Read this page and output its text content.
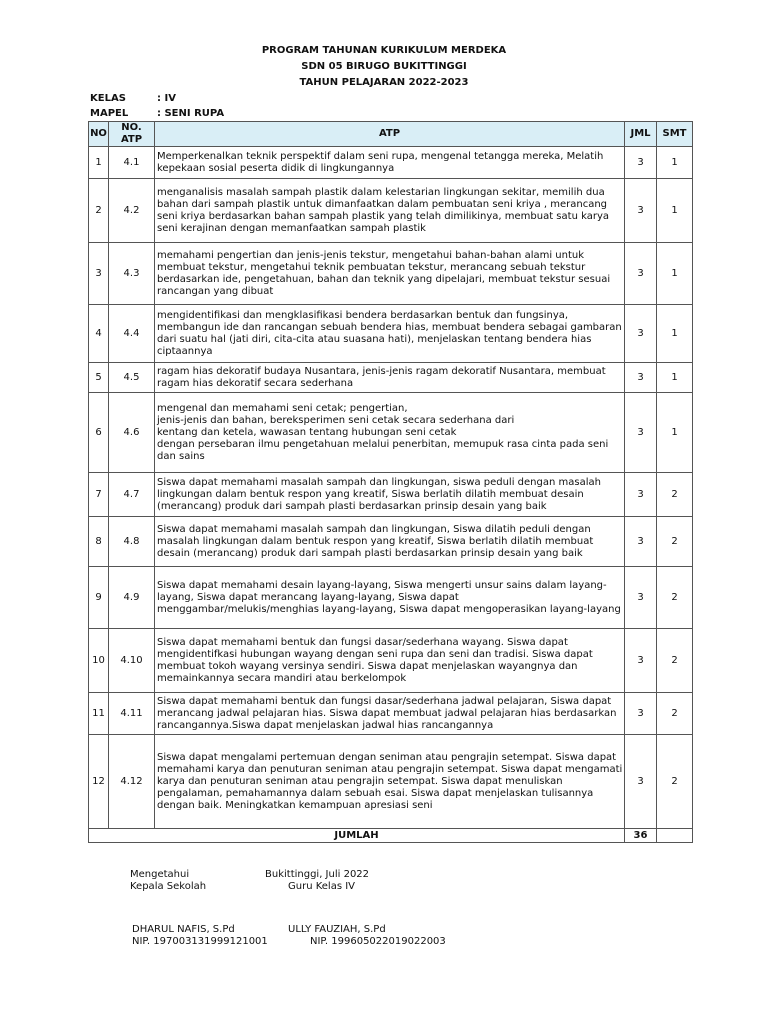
PROGRAM TAHUNAN KURIKULUM MERDEKA
SDN 05 BIRUGO BUKITTINGGI
TAHUN PELAJARAN 2022-2023
KELAS	: IV
MAPEL	: SENI RUPA
NO	NO. ATP	ATP	JML	SMT
1	4.1	Memperkenalkan teknik perspektif dalam seni rupa, mengenal tetangga mereka, Melatih kepekaan sosial peserta didik di lingkungannya	3	1
2	4.2	menganalisis masalah sampah plastik dalam kelestarian lingkungan sekitar, memilih dua bahan dari sampah plastik untuk dimanfaatkan dalam pembuatan seni kriya , merancang seni kriya berdasarkan bahan sampah plastik yang telah dimilikinya, membuat satu karya seni kerajinan dengan memanfaatkan sampah plastik	3	1
3	4.3	memahami pengertian dan jenis-jenis tekstur, mengetahui bahan-bahan alami untuk membuat tekstur, mengetahui teknik pembuatan tekstur, merancang sebuah tekstur berdasarkan ide, pengetahuan, bahan dan teknik yang dipelajari, membuat tekstur sesuai rancangan yang dibuat	3	1
4	4.4	mengidentifikasi dan mengklasifikasi bendera berdasarkan bentuk dan fungsinya, membangun ide dan rancangan sebuah bendera hias, membuat bendera sebagai gambaran dari suatu hal (jati diri, cita-cita atau suasana hati), menjelaskan tentang bendera hias ciptaannya	3	1
5	4.5	ragam hias dekoratif budaya Nusantara, jenis-jenis ragam dekoratif Nusantara, membuat ragam hias dekoratif secara sederhana	3	1
6	4.6	mengenal dan memahami seni cetak; pengertian,
jenis-jenis dan bahan, bereksperimen seni cetak secara sederhana dari
kentang dan ketela, wawasan tentang hubungan seni cetak
dengan persebaran ilmu pengetahuan melalui penerbitan, memupuk rasa cinta pada seni dan sains	3	1
7	4.7	Siswa dapat memahami masalah sampah dan lingkungan, siswa peduli dengan masalah lingkungan dalam bentuk respon yang kreatif, Siswa berlatih dilatih membuat desain (merancang) produk dari sampah plasti berdasarkan prinsip desain yang baik	3	2
8	4.8	Siswa dapat memahami masalah sampah dan lingkungan, Siswa dilatih peduli dengan masalah lingkungan dalam bentuk respon yang kreatif, Siswa berlatih dilatih membuat desain (merancang) produk dari sampah plasti berdasarkan prinsip desain yang baik	3	2
9	4.9	Siswa dapat memahami desain layang-layang, Siswa mengerti unsur sains dalam layang-layang, Siswa dapat merancang layang-layang, Siswa dapat menggambar/melukis/menghias layang-layang, Siswa dapat mengoperasikan layang-layang	3	2
10	4.10	Siswa dapat memahami bentuk dan fungsi dasar/sederhana wayang. Siswa dapat mengidentifkasi hubungan wayang dengan seni rupa dan seni dan tradisi. Siswa dapat membuat tokoh wayang versinya sendiri. Siswa dapat menjelaskan wayangnya dan memainkannya secara mandiri atau berkelompok	3	2
11	4.11	Siswa dapat memahami bentuk dan fungsi dasar/sederhana jadwal pelajaran, Siswa dapat merancang jadwal pelajaran hias. Siswa dapat membuat jadwal pelajaran hias berdasarkan rancangannya.Siswa dapat menjelaskan jadwal hias rancangannya	3	2
12	4.12	Siswa dapat mengalami pertemuan dengan seniman atau pengrajin setempat. Siswa dapat memahami karya dan penuturan seniman atau pengrajin setempat. Siswa dapat mengamati karya dan penuturan seniman atau pengrajin setempat. Siswa dapat menuliskan pengalaman, pemahamannya dalam sebuah esai. Siswa dapat menjelaskan tulisannya dengan baik. Meningkatkan kemampuan apresiasi seni	3	2
JUMLAH			36	
Mengetahui
Kepala Sekolah
Bukittinggi, Juli 2022
Guru Kelas IV
DHARUL NAFIS, S.Pd
NIP. 197003131999121001
ULLY FAUZIAH, S.Pd
NIP. 199605022019022003
